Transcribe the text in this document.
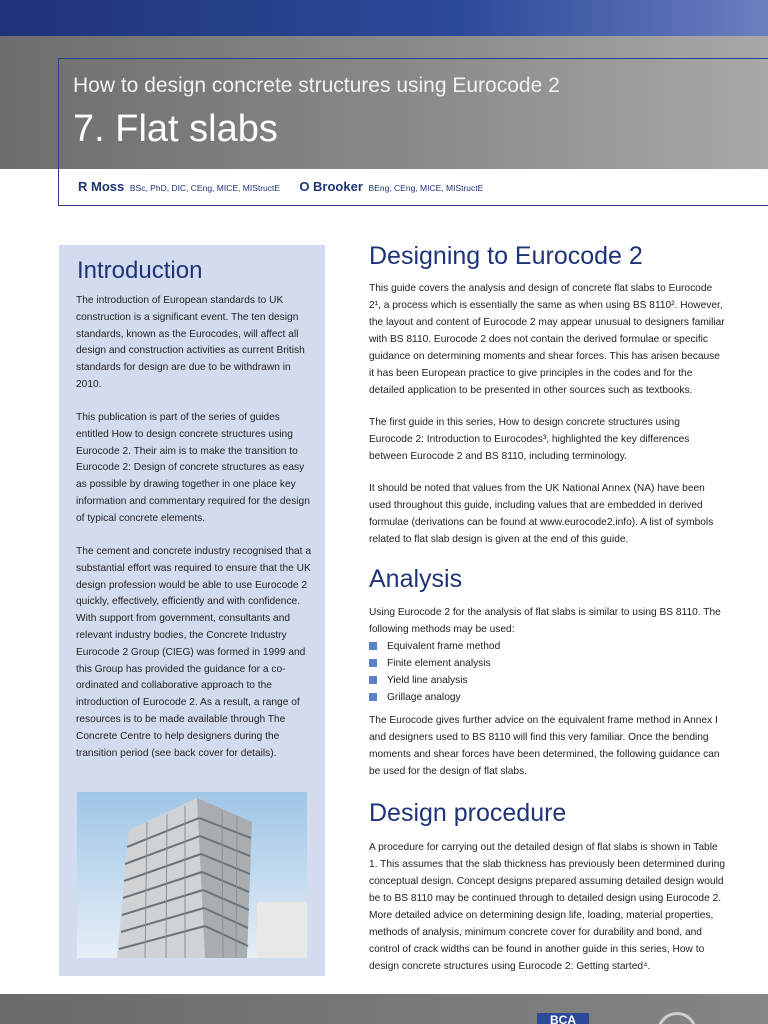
How to design concrete structures using Eurocode 2
7. Flat slabs
R Moss BSc, PhD, DIC, CEng, MICE, MIStructE O Brooker BEng, CEng, MICE, MIStructE
Introduction
The introduction of European standards to UK construction is a significant event. The ten design standards, known as the Eurocodes, will affect all design and construction activities as current British standards for design are due to be withdrawn in 2010.
This publication is part of the series of guides entitled How to design concrete structures using Eurocode 2. Their aim is to make the transition to Eurocode 2: Design of concrete structures as easy as possible by drawing together in one place key information and commentary required for the design of typical concrete elements.
The cement and concrete industry recognised that a substantial effort was required to ensure that the UK design profession would be able to use Eurocode 2 quickly, effectively, efficiently and with confidence. With support from government, consultants and relevant industry bodies, the Concrete Industry Eurocode 2 Group (CIEG) was formed in 1999 and this Group has provided the guidance for a co-ordinated and collaborative approach to the introduction of Eurocode 2. As a result, a range of resources is to be made available through The Concrete Centre to help designers during the transition period (see back cover for details).
Designing to Eurocode 2
This guide covers the analysis and design of concrete flat slabs to Eurocode 2¹, a process which is essentially the same as when using BS 8110². However, the layout and content of Eurocode 2 may appear unusual to designers familiar with BS 8110. Eurocode 2 does not contain the derived formulae or specific guidance on determining moments and shear forces. This has arisen because it has been European practice to give principles in the codes and for the detailed application to be presented in other sources such as textbooks.
The first guide in this series, How to design concrete structures using Eurocode 2: Introduction to Eurocodes³, highlighted the key differences between Eurocode 2 and BS 8110, including terminology.
It should be noted that values from the UK National Annex (NA) have been used throughout this guide, including values that are embedded in derived formulae (derivations can be found at www.eurocode2.info). A list of symbols related to flat slab design is given at the end of this guide.
Analysis
Using Eurocode 2 for the analysis of flat slabs is similar to using BS 8110. The following methods may be used:
Equivalent frame method
Finite element analysis
Yield line analysis
Grillage analogy
The Eurocode gives further advice on the equivalent frame method in Annex I and designers used to BS 8110 will find this very familiar. Once the bending moments and shear forces have been determined, the following guidance can be used for the design of flat slabs.
Design procedure
A procedure for carrying out the detailed design of flat slabs is shown in Table 1. This assumes that the slab thickness has previously been determined during conceptual design. Concept designs prepared assuming detailed design would be to BS 8110 may be continued through to detailed design using Eurocode 2. More detailed advice on determining design life, loading, material properties, methods of analysis, minimum concrete cover for durability and bond, and control of crack widths can be found in another guide in this series, How to design concrete structures using Eurocode 2: Getting started⁴.
BCA
